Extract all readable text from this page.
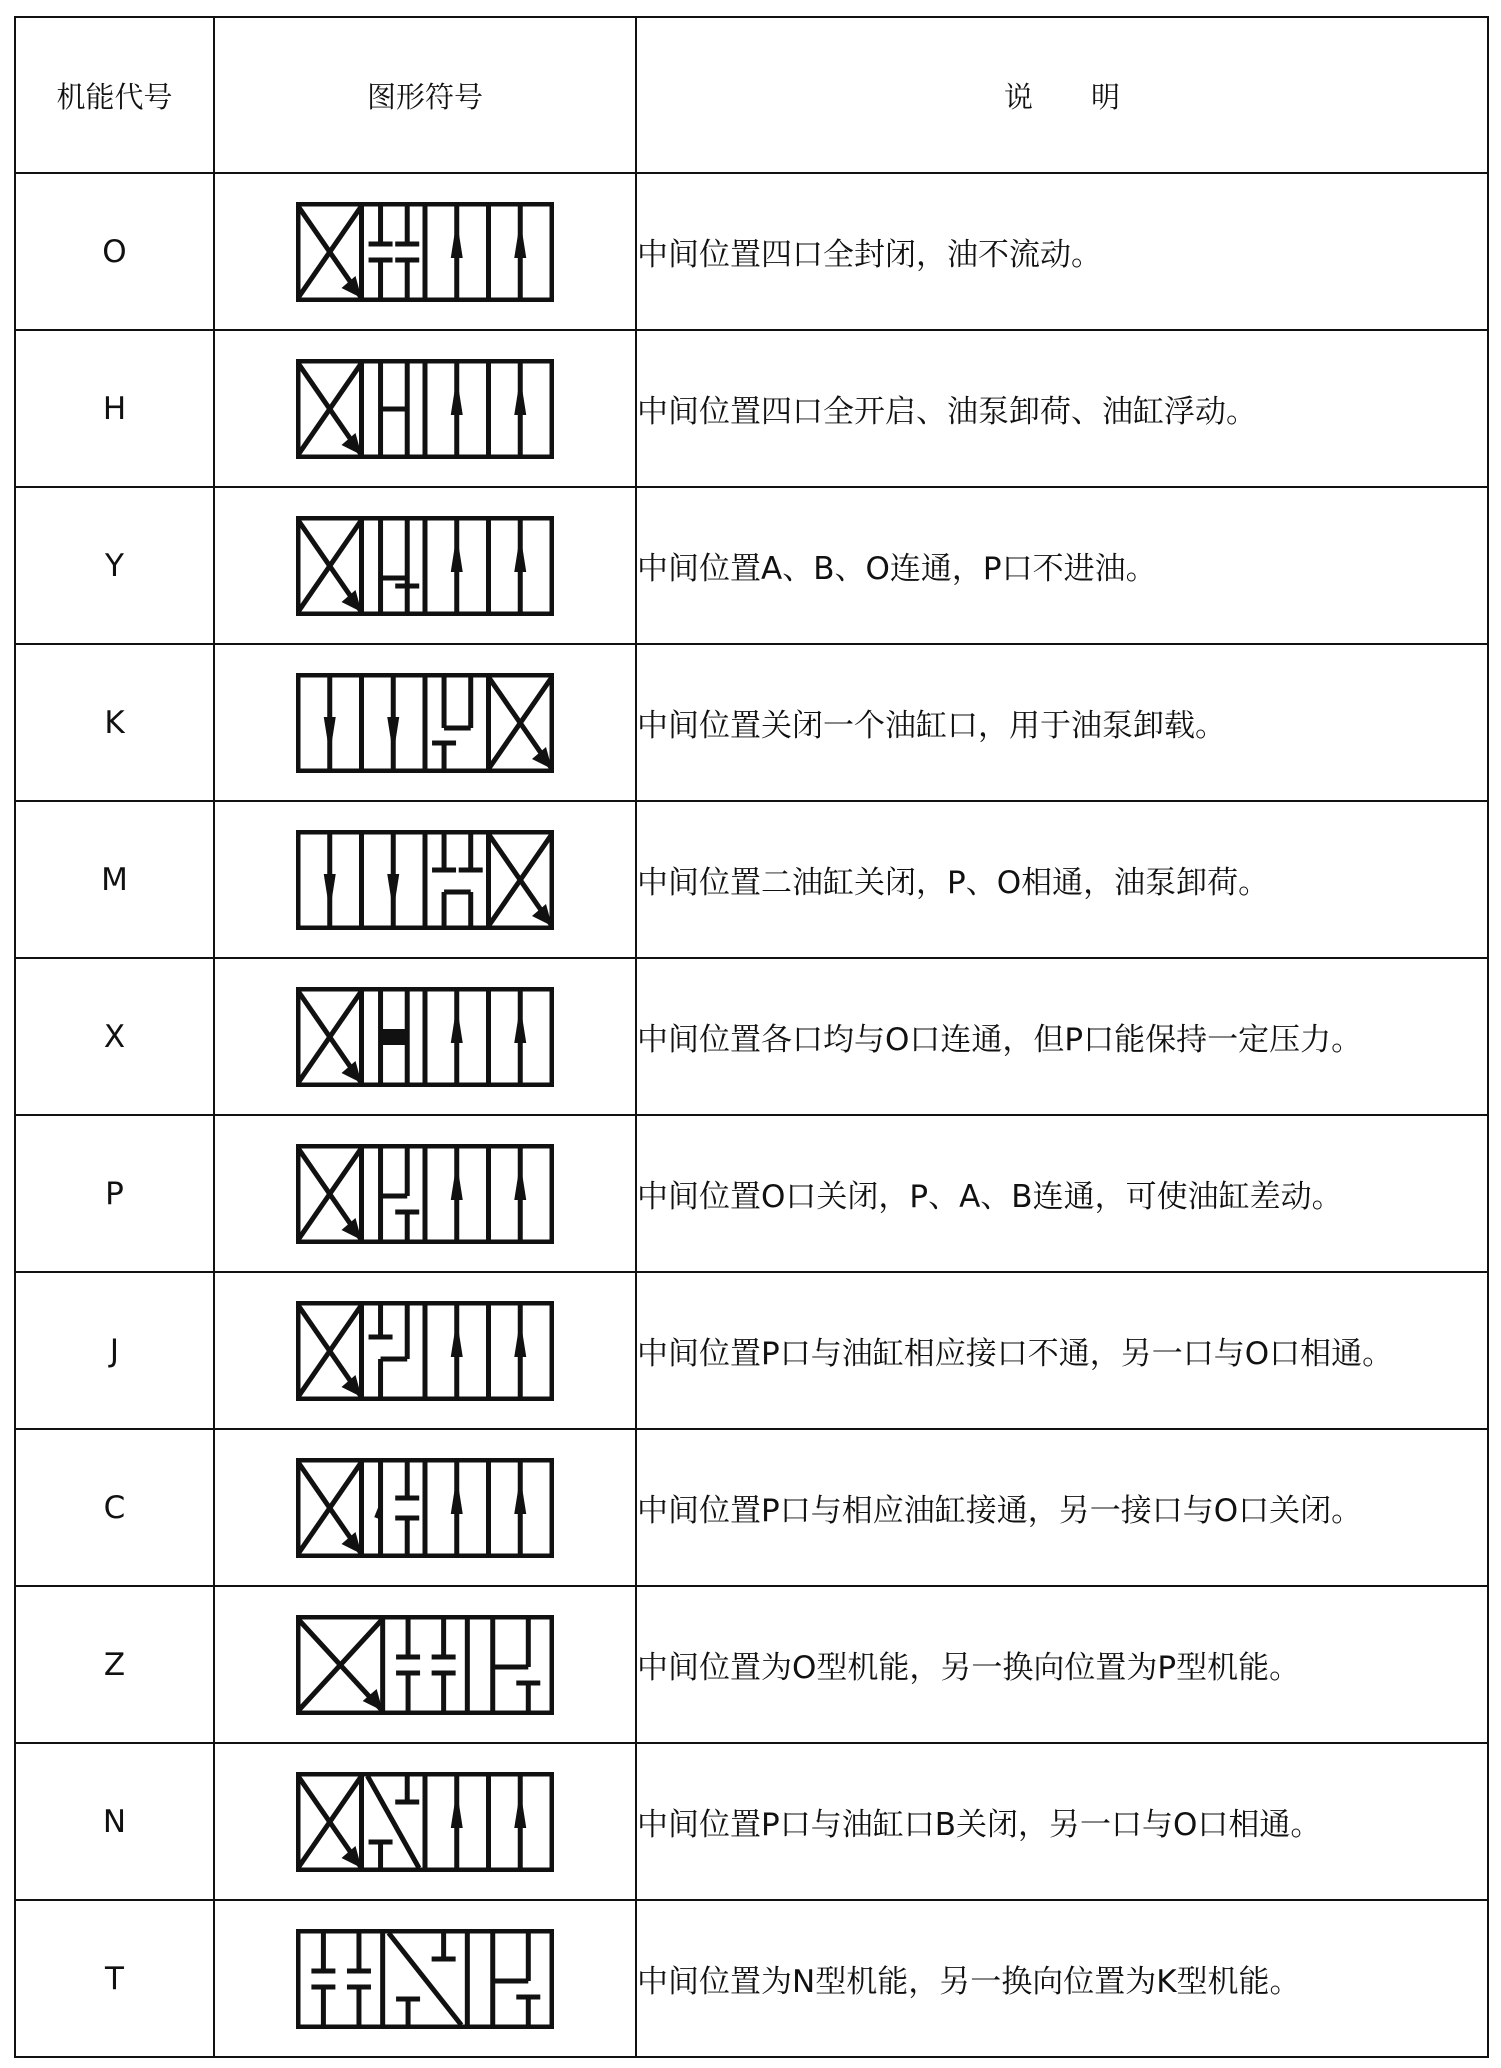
机能代号	图形符号	说　　明
O		中间位置四口全封闭，油不流动。
H		中间位置四口全开启、油泵卸荷、油缸浮动。
Y		中间位置A、B、O连通，P口不进油。
K		中间位置关闭一个油缸口，用于油泵卸载。
M		中间位置二油缸关闭，P、O相通，油泵卸荷。
X		中间位置各口均与O口连通，但P口能保持一定压力。
P		中间位置O口关闭，P、A、B连通，可使油缸差动。
J		中间位置P口与油缸相应接口不通，另一口与O口相通。
C		中间位置P口与相应油缸接通，另一接口与O口关闭。
Z		中间位置为O型机能，另一换向位置为P型机能。
N		中间位置P口与油缸口B关闭，另一口与O口相通。
T		中间位置为N型机能，另一换向位置为K型机能。
